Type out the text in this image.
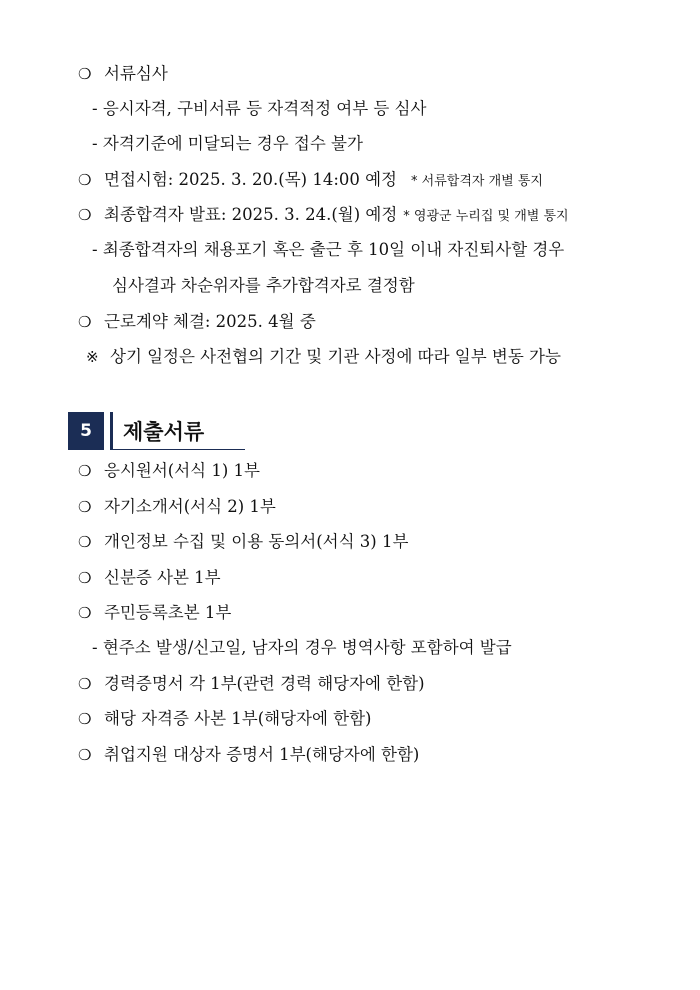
❍ 서류심사
- 응시자격, 구비서류 등 자격적정 여부 등 심사
- 자격기준에 미달되는 경우 접수 불가
❍ 면접시험: 2025. 3. 20.(목) 14:00 예정 * 서류합격자 개별 통지
❍ 최종합격자 발표: 2025. 3. 24.(월) 예정 * 영광군 누리집 및 개별 통지
- 최종합격자의 채용포기 혹은 출근 후 10일 이내 자진퇴사할 경우
심사결과 차순위자를 추가합격자로 결정함
❍ 근로계약 체결: 2025. 4월 중
※ 상기 일정은 사전협의 기간 및 기관 사정에 따라 일부 변동 가능
5	제출서류
❍ 응시원서(서식 1) 1부
❍ 자기소개서(서식 2) 1부
❍ 개인정보 수집 및 이용 동의서(서식 3) 1부
❍ 신분증 사본 1부
❍ 주민등록초본 1부
- 현주소 발생/신고일, 남자의 경우 병역사항 포함하여 발급
❍ 경력증명서 각 1부(관련 경력 해당자에 한함)
❍ 해당 자격증 사본 1부(해당자에 한함)
❍ 취업지원 대상자 증명서 1부(해당자에 한함)
